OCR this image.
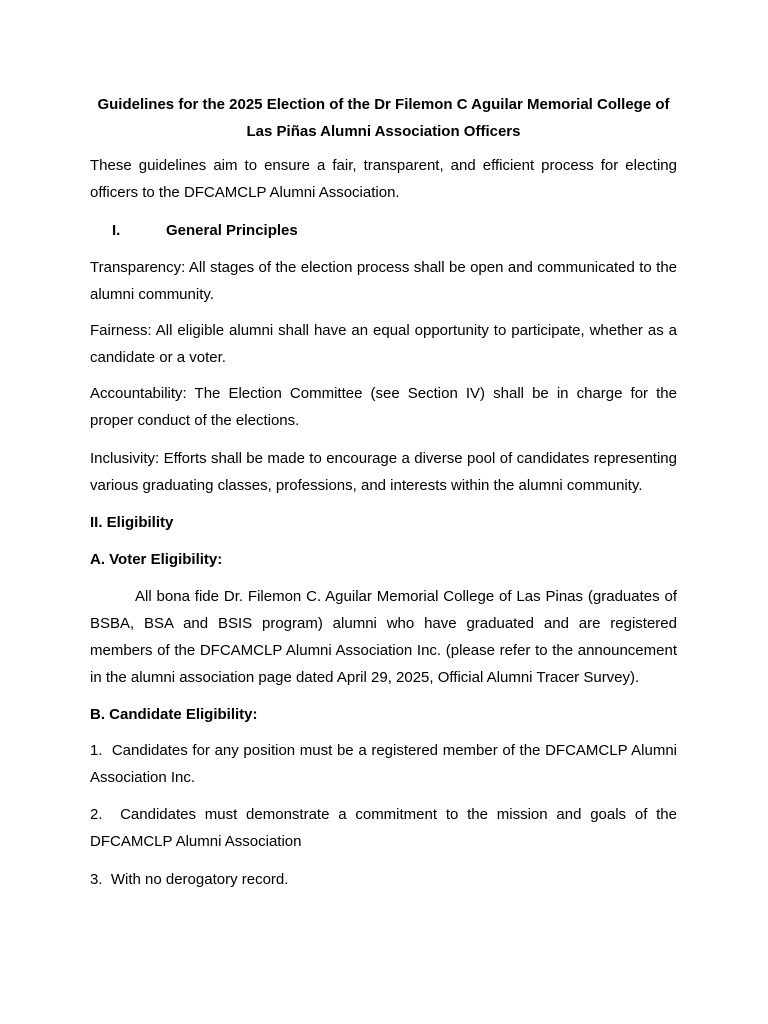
Guidelines for the 2025 Election of the Dr Filemon C Aguilar Memorial College of Las Piñas Alumni Association Officers
These guidelines aim to ensure a fair, transparent, and efficient process for electing officers to the DFCAMCLP Alumni Association.
I.	General Principles
Transparency: All stages of the election process shall be open and communicated to the alumni community.
Fairness: All eligible alumni shall have an equal opportunity to participate, whether as a candidate or a voter.
Accountability: The Election Committee (see Section IV) shall be in charge for the proper conduct of the elections.
Inclusivity: Efforts shall be made to encourage a diverse pool of candidates representing various graduating classes, professions, and interests within the alumni community.
II. Eligibility
A. Voter Eligibility:
All bona fide Dr. Filemon C. Aguilar Memorial College of Las Pinas (graduates of BSBA, BSA and BSIS program) alumni who have graduated and are registered members of the DFCAMCLP Alumni Association Inc. (please refer to the announcement in the alumni association page dated April 29, 2025, Official Alumni Tracer Survey).
B. Candidate Eligibility:
1.  Candidates for any position must be a registered member of the DFCAMCLP Alumni Association Inc.
2.  Candidates must demonstrate a commitment to the mission and goals of the DFCAMCLP Alumni Association
3.  With no derogatory record.
